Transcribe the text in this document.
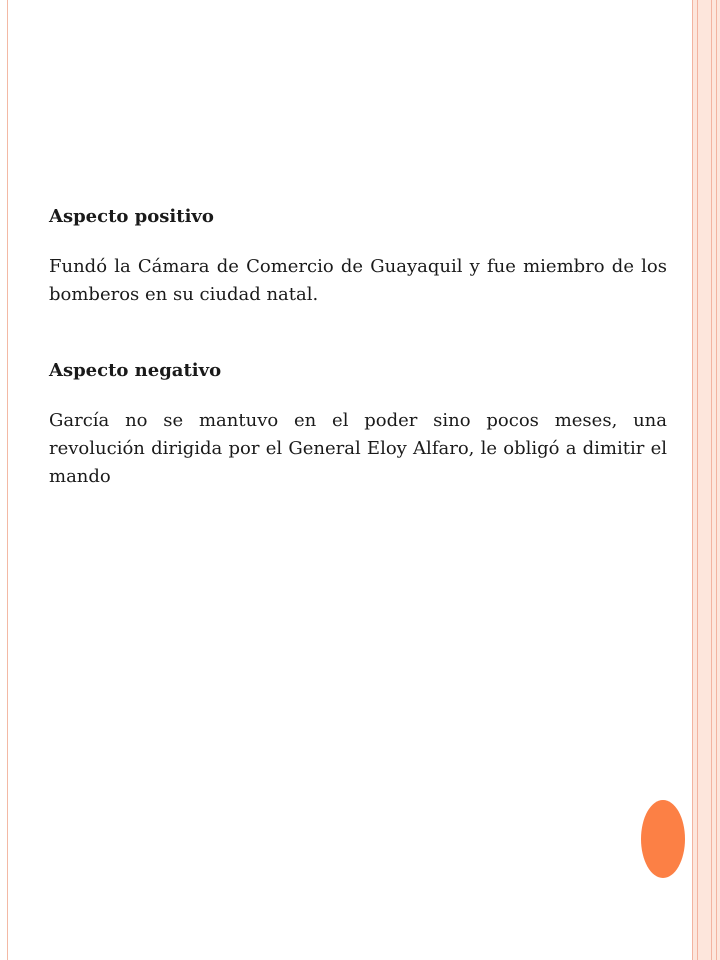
Aspecto positivo

Fundó la Cámara de Comercio de Guayaquil y fue miembro de los bomberos en su ciudad natal.

Aspecto negativo

García no se mantuvo en el poder sino pocos meses, una revolución dirigida por el General Eloy Alfaro, le obligó a dimitir el mando
